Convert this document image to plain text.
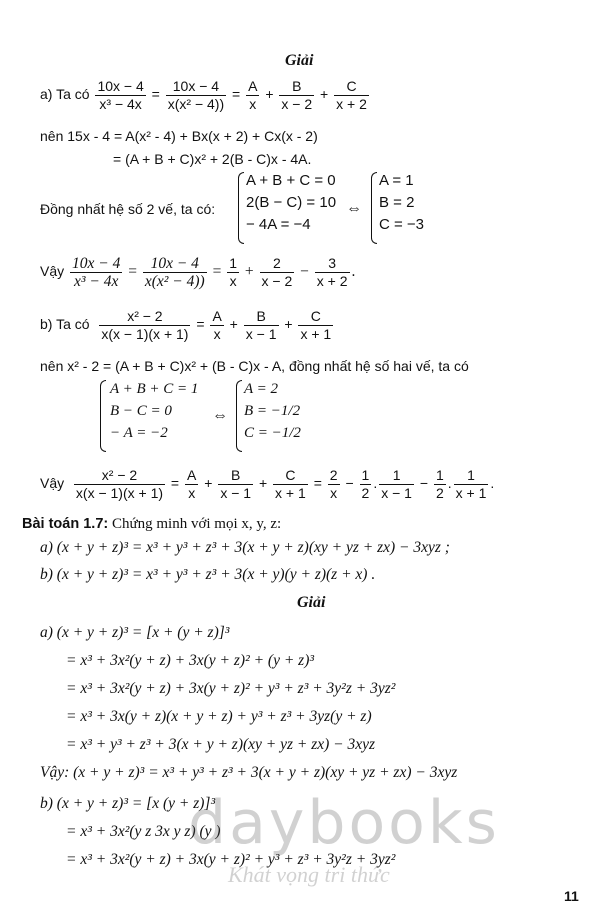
Giải
a) Ta có $\frac{10x - 4}{\text{x³ − 4x}} = \frac{10x - 4}{\text{x(x² − 4))}} = \frac{A}{x} + \frac{B}{x - 2} + \frac{C}{x + 2}$
nên 15x - 4 = A(x² - 4) + Bx(x + 2) + Cx(x - 2)
= (A + B + C)x² + 2(B - C)x - 4A.
Đồng nhất hệ số 2 vế, ta có:
A + B + C = 0
2(B − C) = 10
− 4A = −4
⇔
A = 1
B = 2
C = −3
Vậy $\frac{10x - 4}{\text{x³ − 4x}} = \frac{10x - 4}{\text{x(x² − 4))}} = \frac{1}{x} + \frac{2}{x - 2} - \frac{3}{x + 2}$ .
b) Ta có $\frac{\text{x² − 2}}{x(x - 1)(x + 1)} = \frac{A}{x} + \frac{B}{x - 1} + \frac{C}{x + 1}$
nên x² - 2 = (A + B + C)x² + (B - C)x - A, đồng nhất hệ số hai vế, ta có
A + B + C = 1
B − C = 0
− A = −2
⇔
A = 2
B = −1/2
C = −1/2
Vậy $\frac{\text{x² − 2}}{x(x - 1)(x + 1)} = \frac{A}{x} + \frac{B}{x - 1} + \frac{C}{x + 1} = \frac{2}{x} - \frac{1}{2}$ . $\frac{1}{x - 1} - \frac{1}{2}$ . $\frac{1}{x + 1}$ .
Bài toán 1.7: Chứng minh với mọi x, y, z:
a) (x + y + z)³ = x³ + y³ + z³ + 3(x + y + z)(xy + yz + zx) − 3xyz ;
b) (x + y + z)³ = x³ + y³ + z³ + 3(x + y)(y + z)(z + x) .
Giải
a) (x + y + z)³ = [x + (y + z)]³
= x³ + 3x²(y + z) + 3x(y + z)² + (y + z)³
= x³ + 3x²(y + z) + 3x(y + z)² + y³ + z³ + 3y²z + 3yz²
= x³ + 3x(y + z)(x + y + z) + y³ + z³ + 3yz(y + z)
= x³ + y³ + z³ + 3(x + y + z)(xy + yz + zx) − 3xyz
Vậy: (x + y + z)³ = x³ + y³ + z³ + 3(x + y + z)(xy + yz + zx) − 3xyz
b) (x + y + z)³ = [x (y + z)]³
= x³ + 3x²(y z 3x y z) (y )
= x³ + 3x²(y + z) + 3x(y + z)² + y³ + z³ + 3y²z + 3yz²
daybooks
Khát vọng tri thức
11
